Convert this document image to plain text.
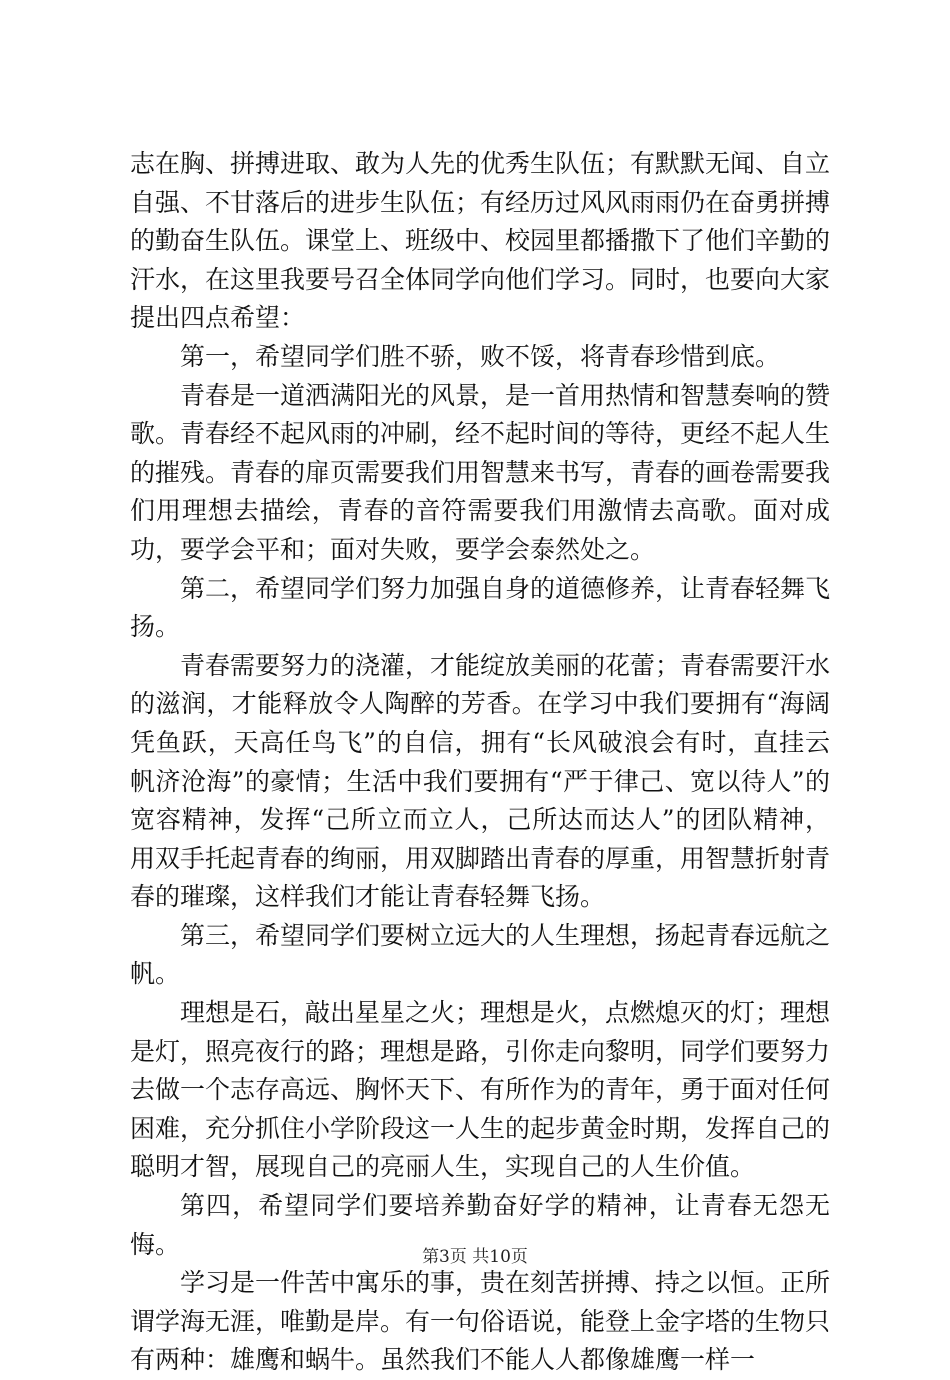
志在胸、拼搏进取、敢为人先的优秀生队伍；有默默无闻、自立自强、不甘落后的进步生队伍；有经历过风风雨雨仍在奋勇拼搏的勤奋生队伍。课堂上、班级中、校园里都播撒下了他们辛勤的汗水，在这里我要号召全体同学向他们学习。同时，也要向大家提出四点希望：

第一，希望同学们胜不骄，败不馁，将青春珍惜到底。

青春是一道洒满阳光的风景，是一首用热情和智慧奏响的赞歌。青春经不起风雨的冲刷，经不起时间的等待，更经不起人生的摧残。青春的扉页需要我们用智慧来书写，青春的画卷需要我们用理想去描绘，青春的音符需要我们用激情去高歌。面对成功，要学会平和；面对失败，要学会泰然处之。

第二，希望同学们努力加强自身的道德修养，让青春轻舞飞扬。

青春需要努力的浇灌，才能绽放美丽的花蕾；青春需要汗水的滋润，才能释放令人陶醉的芳香。在学习中我们要拥有“海阔凭鱼跃，天高任鸟飞”的自信，拥有“长风破浪会有时，直挂云帆济沧海”的豪情；生活中我们要拥有“严于律己、宽以待人”的宽容精神，发挥“己所立而立人，己所达而达人”的团队精神，用双手托起青春的绚丽，用双脚踏出青春的厚重，用智慧折射青春的璀璨，这样我们才能让青春轻舞飞扬。

第三，希望同学们要树立远大的人生理想，扬起青春远航之帆。

理想是石，敲出星星之火；理想是火，点燃熄灭的灯；理想是灯，照亮夜行的路；理想是路，引你走向黎明，同学们要努力去做一个志存高远、胸怀天下、有所作为的青年，勇于面对任何困难，充分抓住小学阶段这一人生的起步黄金时期，发挥自己的聪明才智，展现自己的亮丽人生，实现自己的人生价值。

第四，希望同学们要培养勤奋好学的精神，让青春无怨无悔。

学习是一件苦中寓乐的事，贵在刻苦拼搏、持之以恒。正所谓学海无涯，唯勤是岸。有一句俗语说，能登上金字塔的生物只有两种：雄鹰和蜗牛。虽然我们不能人人都像雄鹰一样一

第3页 共10页
